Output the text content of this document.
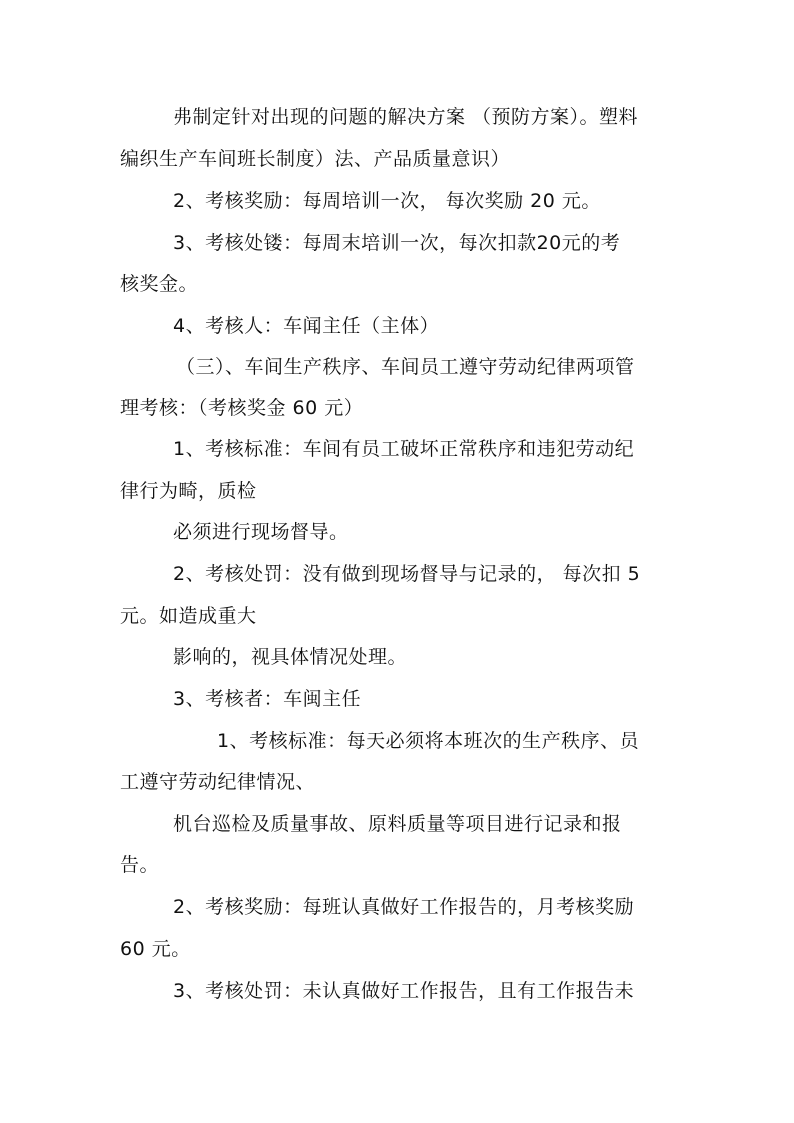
弗制定针对出现的问题的解决方案 （预防方案）。塑料
编织生产车间班长制度）法、产品质量意识）
2、考核奖励：每周培训一次， 每次奖励 20 元。
3、考核处镂：每周末培训一次，每次扣款20元的考
核奖金。
4、考核人：车闻主任（主体）
（三）、车间生产秩序、车间员工遵守劳动纪律两项管
理考核：（考核奖金 60 元）
1、考核标准：车间有员工破坏正常秩序和违犯劳动纪
律行为畸，质检
必须进行现场督导。
2、考核处罚：没有做到现场督导与记录的， 每次扣 5
元。如造成重大
影响的，视具体情况处理。
3、考核者：车闽主任
1、考核标准：每天必须将本班次的生产秩序、员
工遵守劳动纪律情况、
机台巡检及质量事故、原料质量等项目进行记录和报
告。
2、考核奖励：每班认真做好工作报告的，月考核奖励
60 元。
3、考核处罚：未认真做好工作报告，且有工作报告未
